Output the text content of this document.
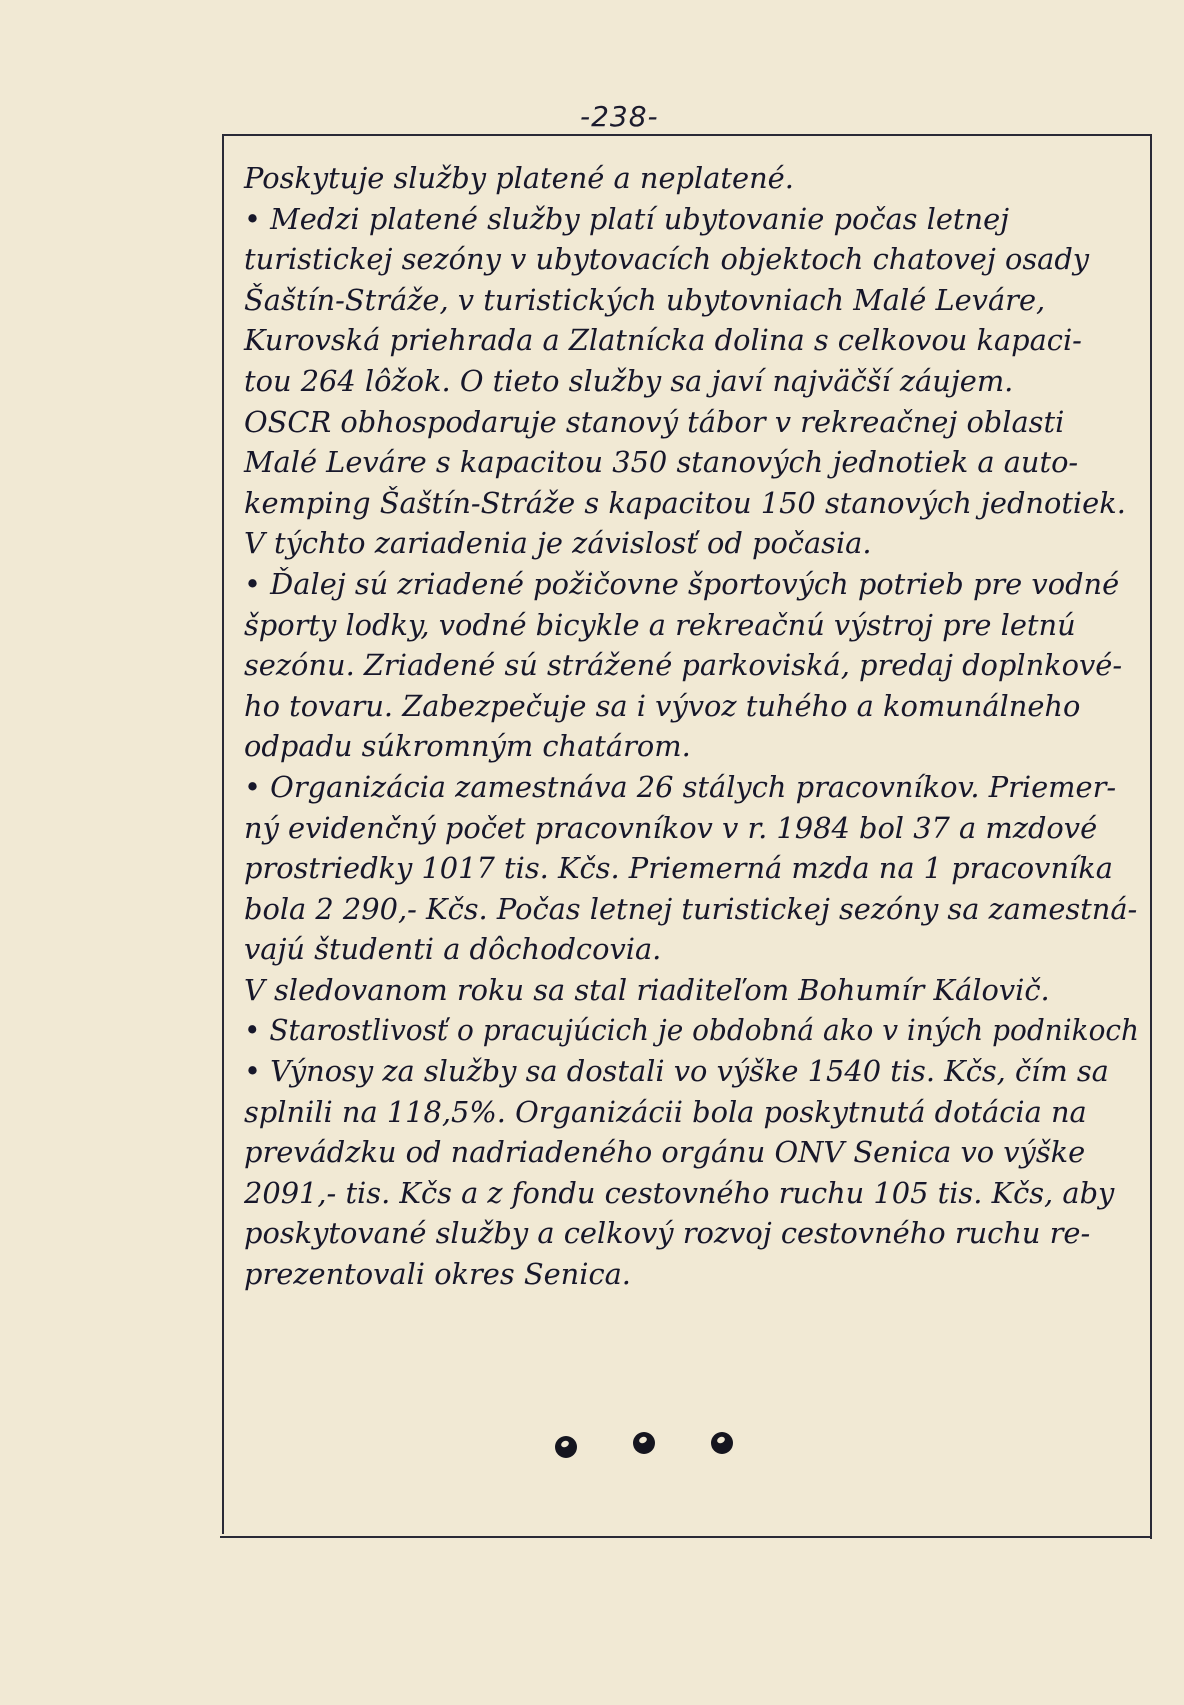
-238-
Poskytuje služby platené a neplatené.
• Medzi platené služby platí ubytovanie počas letnej
turistickej sezóny v ubytovacích objektoch chatovej osady
Šaštín-Stráže, v turistických ubytovniach Malé Leváre,
Kurovská priehrada a Zlatnícka dolina s celkovou kapaci-
tou 264 lôžok. O tieto služby sa javí najväčší záujem.
OSCR obhospodaruje stanový tábor v rekreačnej oblasti
Malé Leváre s kapacitou 350 stanových jednotiek a auto-
kemping Šaštín-Stráže s kapacitou 150 stanových jednotiek.
V týchto zariadenia je závislosť od počasia.
• Ďalej sú zriadené požičovne športových potrieb pre vodné
športy lodky, vodné bicykle a rekreačnú výstroj pre letnú
sezónu. Zriadené sú strážené parkoviská, predaj doplnkové-
ho tovaru. Zabezpečuje sa i vývoz tuhého a komunálneho
odpadu súkromným chatárom.
• Organizácia zamestnáva 26 stálych pracovníkov. Priemer-
ný evidenčný počet pracovníkov v r. 1984 bol 37 a mzdové
prostriedky 1017 tis. Kčs. Priemerná mzda na 1 pracovníka
bola 2 290,- Kčs. Počas letnej turistickej sezóny sa zamestná-
vajú študenti a dôchodcovia.
V sledovanom roku sa stal riaditeľom Bohumír Kálovič.
• Starostlivosť o pracujúcich je obdobná ako v iných podnikoch
• Výnosy za služby sa dostali vo výške 1540 tis. Kčs, čím sa
splnili na 118,5%. Organizácii bola poskytnutá dotácia na
prevádzku od nadriadeného orgánu ONV Senica vo výške
2091,- tis. Kčs a z fondu cestovného ruchu 105 tis. Kčs, aby
poskytované služby a celkový rozvoj cestovného ruchu re-
prezentovali okres Senica.
